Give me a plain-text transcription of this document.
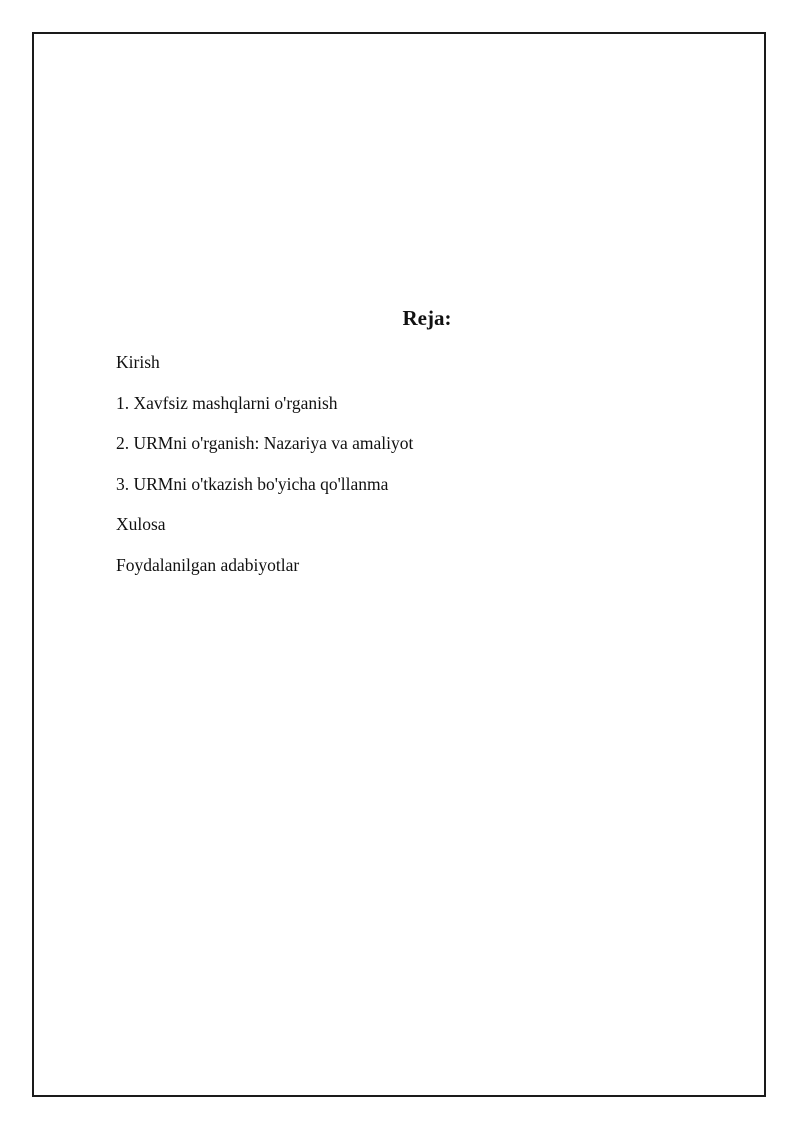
Reja:
Kirish
1. Xavfsiz mashqlarni o'rganish
2. URMni o'rganish: Nazariya va amaliyot
3. URMni o'tkazish bo'yicha qo'llanma
Xulosa
Foydalanilgan adabiyotlar
